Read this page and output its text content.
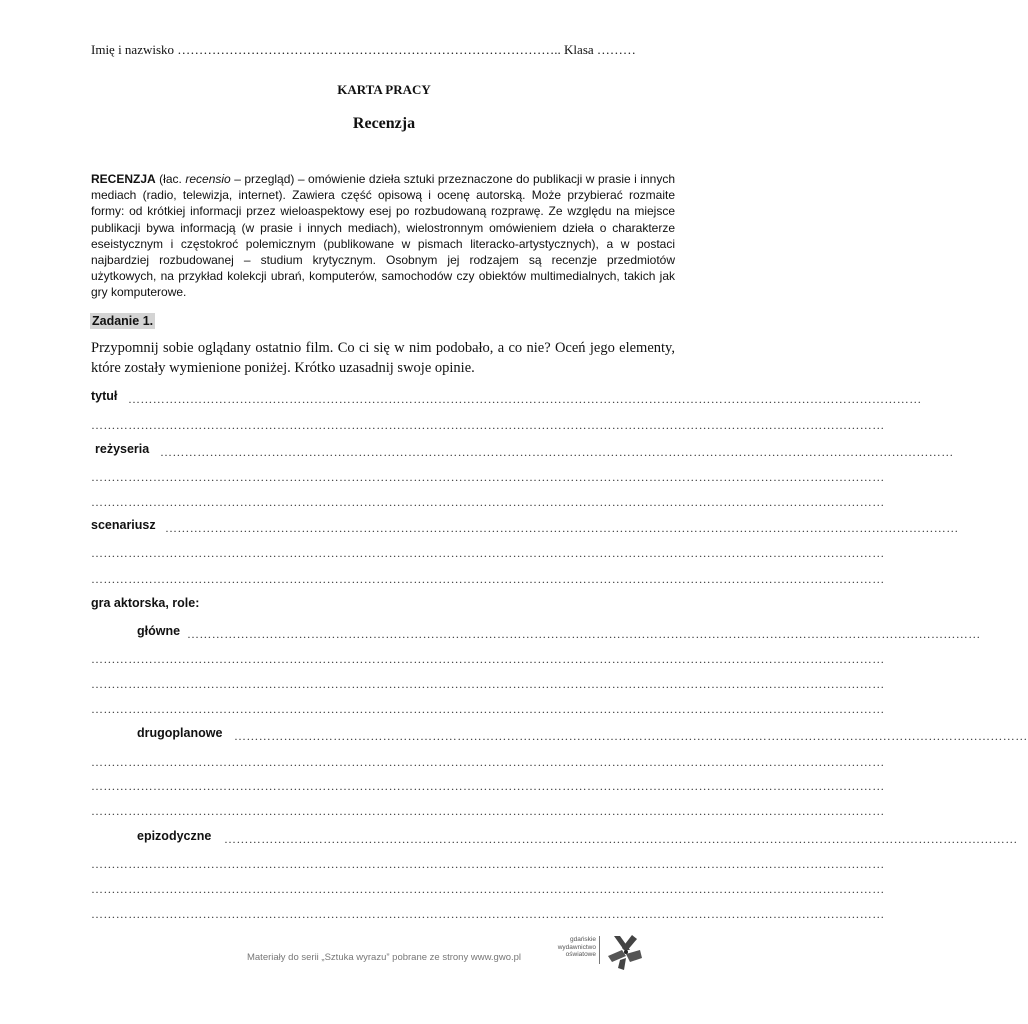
Imię i nazwisko …………………………………………………………………………….. Klasa ………
KARTA PRACY
Recenzja
RECENZJA (łac. recensio – przegląd) – omówienie dzieła sztuki przeznaczone do publikacji w prasie i innych mediach (radio, telewizja, internet). Zawiera część opisową i ocenę autorską. Może przybierać rozmaite formy: od krótkiej informacji przez wieloaspektowy esej po rozbudowaną rozprawę. Ze względu na miejsce publikacji bywa informacją (w prasie i innych mediach), wielostronnym omówieniem dzieła o charakterze eseistycznym i częstokroć polemicznym (publikowane w pismach literacko-artystycznych), a w postaci najbardziej rozbudowanej – studium krytycznym. Osobnym jej rodzajem są recenzje przedmiotów użytkowych, na przykład kolekcji ubrań, komputerów, samochodów czy obiektów multimedialnych, takich jak gry komputerowe.
Zadanie 1.
Przypomnij sobie oglądany ostatnio film. Co ci się w nim podobało, a co nie? Oceń jego elementy, które zostały wymienione poniżej. Krótko uzasadnij swoje opinie.
tytuł …………………………………………………………………………………………………………………………………………………………………………
…………………………………………………………………………………………………………………………………………………………………………
reżyseria …………………………………………………………………………………………………………………………………………………………………………
…………………………………………………………………………………………………………………………………………………………………………
…………………………………………………………………………………………………………………………………………………………………………
scenariusz …………………………………………………………………………………………………………………………………………………………………………
…………………………………………………………………………………………………………………………………………………………………………
…………………………………………………………………………………………………………………………………………………………………………
gra aktorska, role:
główne …………………………………………………………………………………………………………………………………………………………………………
…………………………………………………………………………………………………………………………………………………………………………
…………………………………………………………………………………………………………………………………………………………………………
…………………………………………………………………………………………………………………………………………………………………………
drugoplanowe …………………………………………………………………………………………………………………………………………………………………………
…………………………………………………………………………………………………………………………………………………………………………
…………………………………………………………………………………………………………………………………………………………………………
…………………………………………………………………………………………………………………………………………………………………………
epizodyczne …………………………………………………………………………………………………………………………………………………………………………
…………………………………………………………………………………………………………………………………………………………………………
…………………………………………………………………………………………………………………………………………………………………………
…………………………………………………………………………………………………………………………………………………………………………
Materiały do serii „Sztuka wyrazu” pobrane ze strony www.gwo.pl
gdańskie
wydawnictwo
oświatowe
